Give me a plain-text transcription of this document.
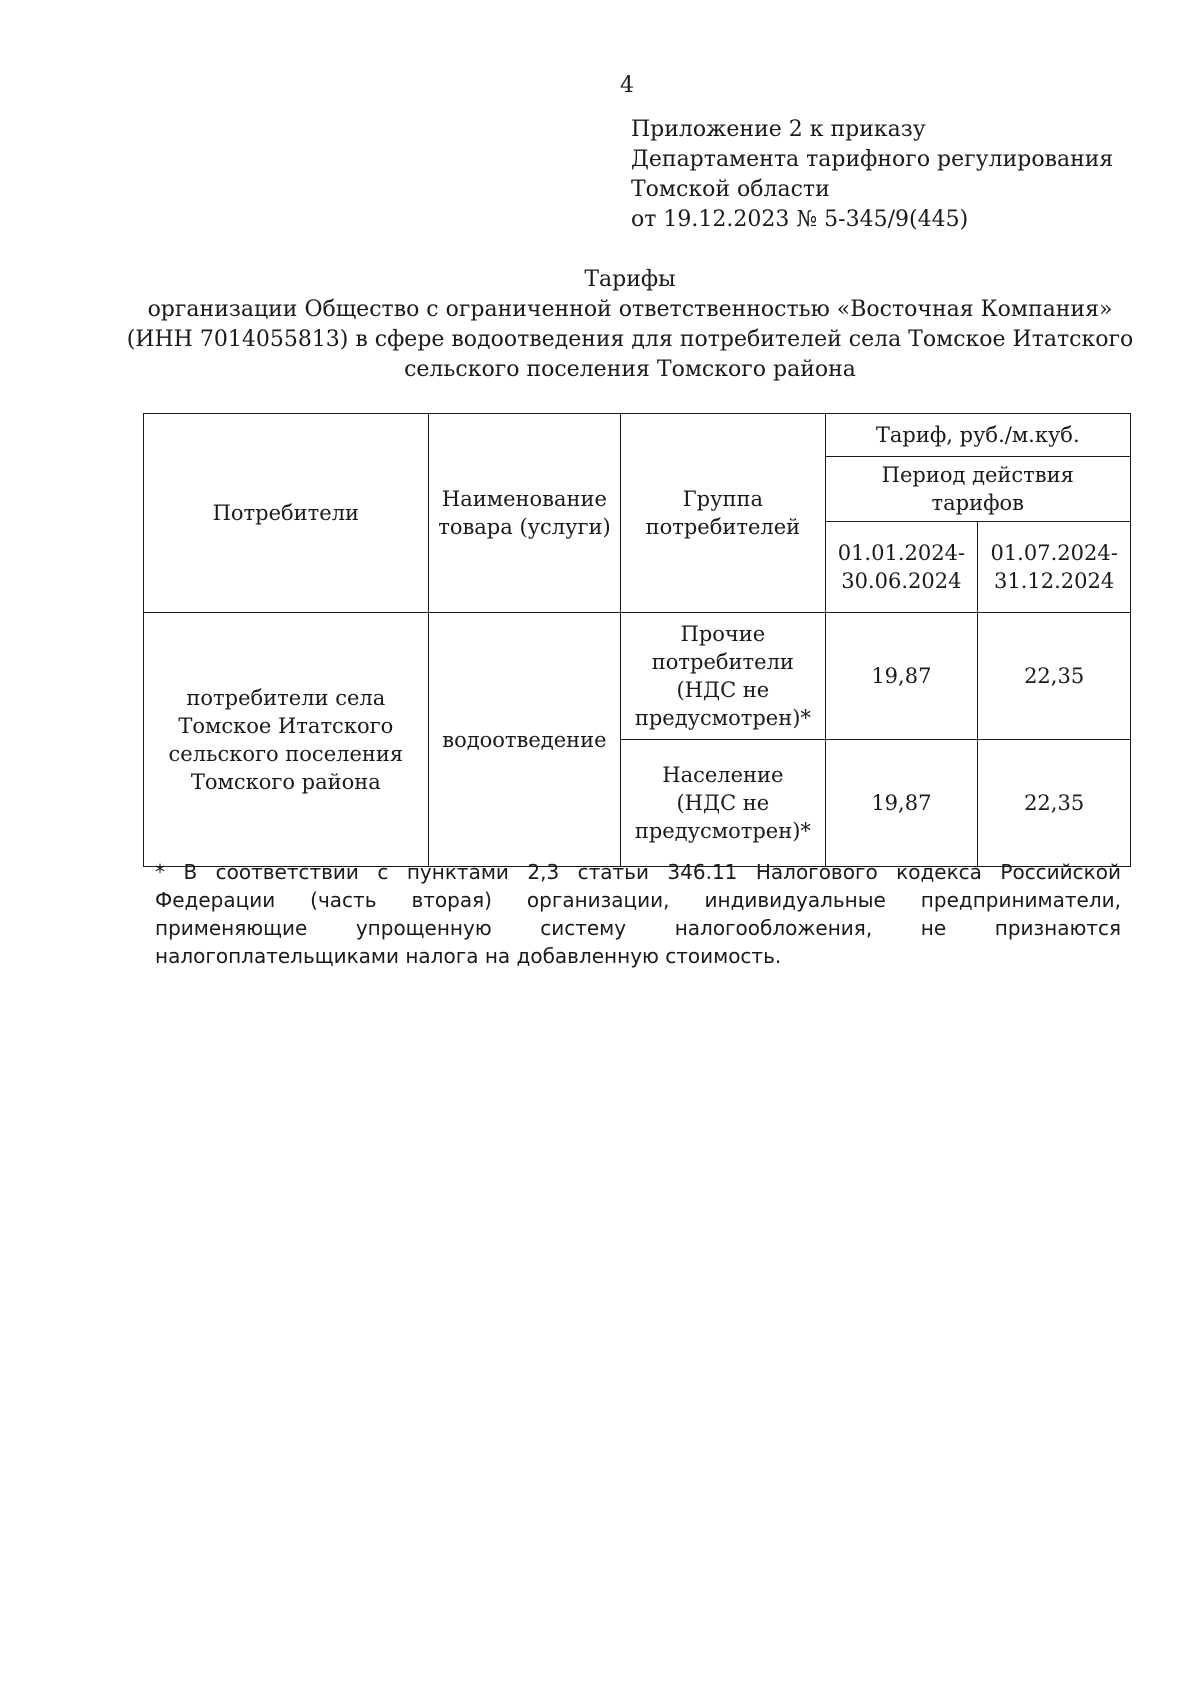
4
Приложение 2 к приказу
Департамента тарифного регулирования
Томской области
от 19.12.2023 № 5-345/9(445)
Тарифы
организации Общество с ограниченной ответственностью «Восточная Компания»
(ИНН 7014055813) в сфере водоотведения для потребителей села Томское Итатского
сельского поселения Томского района
Потребители	Наименование товара (услуги)	Группа потребителей	Тариф, руб./м.куб.	
			Период действия тарифов	
			01.01.2024-30.06.2024	01.07.2024-31.12.2024
потребители села Томское Итатского сельского поселения Томского района	водоотведение	Прочие потребители (НДС не предусмотрен)*	19,87	22,35
		Население (НДС не предусмотрен)*	19,87	22,35
* В соответствии с пунктами 2,3 статьи 346.11 Налогового кодекса Российской Федерации (часть вторая) организации, индивидуальные предприниматели, применяющие упрощенную систему налогообложения, не признаются налогоплательщиками налога на добавленную стоимость.
